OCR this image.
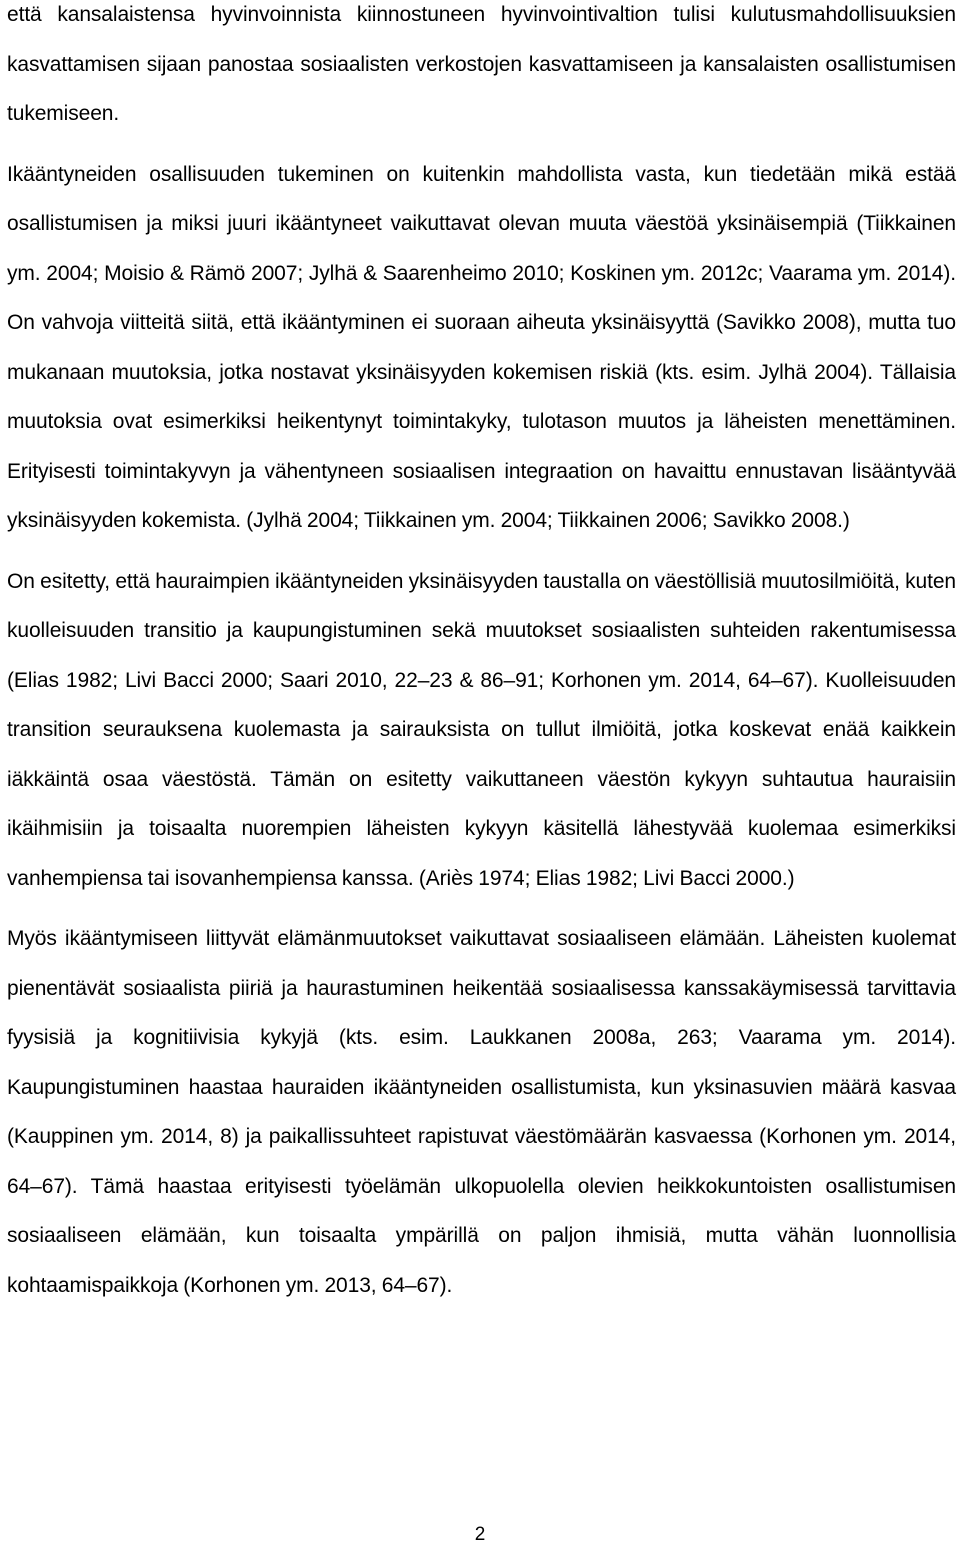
että kansalaistensa hyvinvoinnista kiinnostuneen hyvinvointivaltion tulisi kulutusmahdollisuuksien kasvattamisen sijaan panostaa sosiaalisten verkostojen kasvattamiseen ja kansalaisten osallistumisen tukemiseen.

Ikääntyneiden osallisuuden tukeminen on kuitenkin mahdollista vasta, kun tiedetään mikä estää osallistumisen ja miksi juuri ikääntyneet vaikuttavat olevan muuta väestöä yksinäisempiä (Tiikkainen ym. 2004; Moisio & Rämö 2007; Jylhä & Saarenheimo 2010; Koskinen ym. 2012c; Vaarama ym. 2014). On vahvoja viitteitä siitä, että ikääntyminen ei suoraan aiheuta yksinäisyyttä (Savikko 2008), mutta tuo mukanaan muutoksia, jotka nostavat yksinäisyyden kokemisen riskiä (kts. esim. Jylhä 2004). Tällaisia muutoksia ovat esimerkiksi heikentynyt toimintakyky, tulotason muutos ja läheisten menettäminen. Erityisesti toimintakyvyn ja vähentyneen sosiaalisen integraation on havaittu ennustavan lisääntyvää yksinäisyyden kokemista. (Jylhä 2004; Tiikkainen ym. 2004; Tiikkainen 2006; Savikko 2008.)

On esitetty, että hauraimpien ikääntyneiden yksinäisyyden taustalla on väestöllisiä muutosilmiöitä, kuten kuolleisuuden transitio ja kaupungistuminen sekä muutokset sosiaalisten suhteiden rakentumisessa (Elias 1982; Livi Bacci 2000; Saari 2010, 22–23 & 86–91; Korhonen ym. 2014, 64–67). Kuolleisuuden transition seurauksena kuolemasta ja sairauksista on tullut ilmiöitä, jotka koskevat enää kaikkein iäkkäintä osaa väestöstä. Tämän on esitetty vaikuttaneen väestön kykyyn suhtautua hauraisiin ikäihmisiin ja toisaalta nuorempien läheisten kykyyn käsitellä lähestyvää kuolemaa esimerkiksi vanhempiensa tai isovanhempiensa kanssa. (Ariès 1974; Elias 1982; Livi Bacci 2000.)

Myös ikääntymiseen liittyvät elämänmuutokset vaikuttavat sosiaaliseen elämään. Läheisten kuolemat pienentävät sosiaalista piiriä ja haurastuminen heikentää sosiaalisessa kanssakäymisessä tarvittavia fyysisiä ja kognitiivisia kykyjä (kts. esim. Laukkanen 2008a, 263; Vaarama ym. 2014). Kaupungistuminen haastaa hauraiden ikääntyneiden osallistumista, kun yksinasuvien määrä kasvaa (Kauppinen ym. 2014, 8) ja paikallissuhteet rapistuvat väestömäärän kasvaessa (Korhonen ym. 2014, 64–67). Tämä haastaa erityisesti työelämän ulkopuolella olevien heikkokuntoisten osallistumisen sosiaaliseen elämään, kun toisaalta ympärillä on paljon ihmisiä, mutta vähän luonnollisia kohtaamispaikkoja (Korhonen ym. 2013, 64–67).

2
